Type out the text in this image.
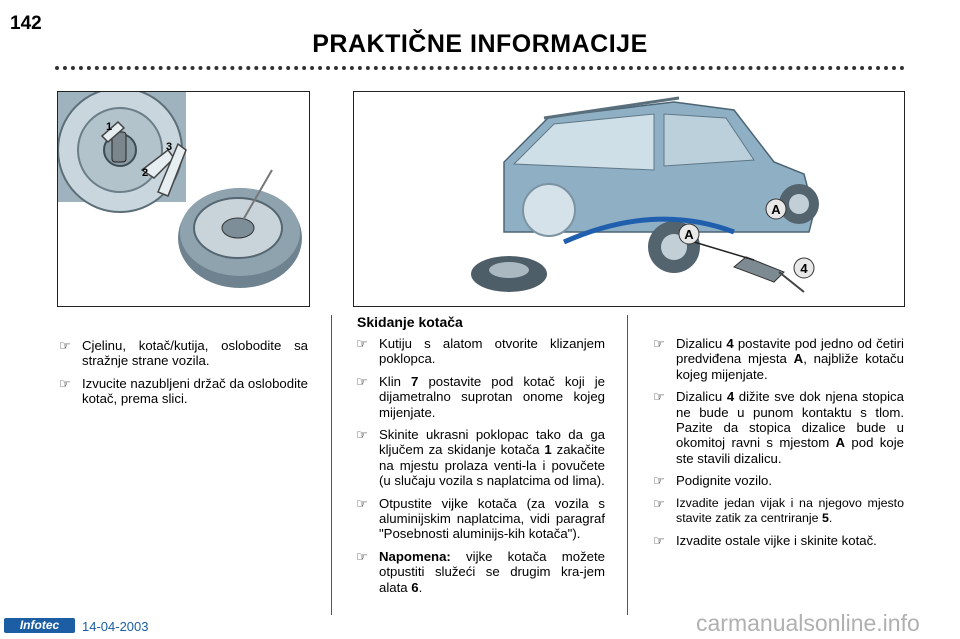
142
PRAKTIČNE INFORMACIJE
1
2
3
A
A
4
☞ Cjelinu, kotač/kutija, oslobodite sa stražnje strane vozila.
☞ Izvucite nazubljeni držač da oslobodite kotač, prema slici.
Skidanje kotača
☞ Kutiju s alatom otvorite klizanjem poklopca.
☞ Klin 7 postavite pod kotač koji je dijametralno suprotan onome kojeg mijenjate.
☞ Skinite ukrasni poklopac tako da ga ključem za skidanje kotača 1 zakačite na mjestu prolaza venti-la i povučete (u slučaju vozila s naplatcima od lima).
☞ Otpustite vijke kotača (za vozila s aluminijskim naplatcima, vidi paragraf "Posebnosti aluminijs-kih kotača").
☞ Napomena: vijke kotača možete otpustiti služeći se drugim kra-jem alata 6.
☞ Dizalicu 4 postavite pod jedno od četiri predviđena mjesta A, najbliže kotaču kojeg mijenjate.
☞ Dizalicu 4 dižite sve dok njena stopica ne bude u punom kontaktu s tlom. Pazite da stopica dizalice bude u okomitoj ravni s mjestom A pod koje ste stavili dizalicu.
☞ Podignite vozilo.
☞ Izvadite jedan vijak i na njegovo mjesto stavite zatik za centriranje 5.
☞ Izvadite ostale vijke i skinite kotač.
Infotec	14-04-2003	carmanualsonline.info
